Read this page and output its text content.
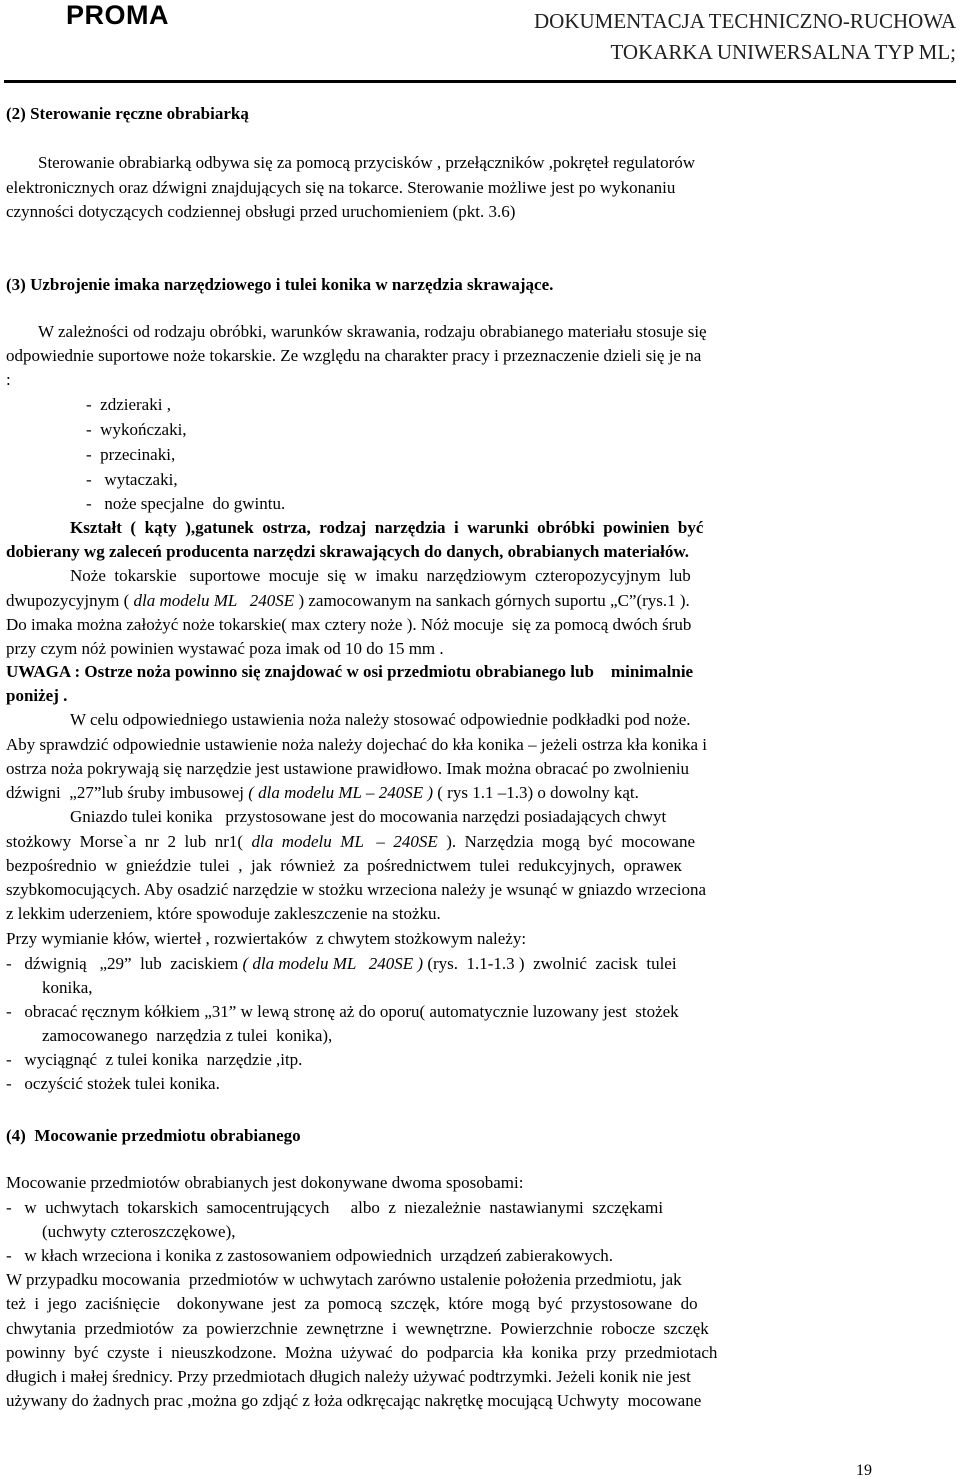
PROMA	DOKUMENTACJA TECHNICZNO-RUCHOWA
TOKARKA UNIWERSALNA TYP ML;
(2) Sterowanie ręczne obrabiarką
Sterowanie obrabiarką odbywa się za pomocą przycisków , przełączników ,pokręteł regulatorów
elektronicznych oraz dźwigni znajdujących się na tokarce. Sterowanie możliwe jest po wykonaniu
czynności dotyczących codziennej obsługi przed uruchomieniem (pkt. 3.6)
(3) Uzbrojenie imaka narzędziowego i tulei konika w narzędzia skrawające.
W zależności od rodzaju obróbki, warunków skrawania, rodzaju obrabianego materiału stosuje się
odpowiednie suportowe noże tokarskie. Ze względu na charakter pracy i przeznaczenie dzieli się je na
:
-  zdzieraki ,
-  wykończaki,
-  przecinaki,
-   wytaczaki,
-   noże specjalne  do gwintu.
Kształt  (  kąty  ),gatunek  ostrza,  rodzaj  narzędzia  i  warunki  obróbki  powinien  być
dobierany wg zaleceń producenta narzędzi skrawających do danych, obrabianych materiałów.
Noże  tokarskie   suportowe  mocuje  się  w  imaku  narzędziowym  czteropozycyjnym  lub
dwupozycyjnym ( dla modelu ML   240SE ) zamocowanym na sankach górnych suportu „C”(rys.1 ).
Do imaka można założyć noże tokarskie( max cztery noże ). Nóż mocuje  się za pomocą dwóch śrub
przy czym nóż powinien wystawać poza imak od 10 do 15 mm .
UWAGA : Ostrze noża powinno się znajdować w osi przedmiotu obrabianego lub    minimalnie
poniżej .
W celu odpowiedniego ustawienia noża należy stosować odpowiednie podkładki pod noże.
Aby sprawdzić odpowiednie ustawienie noża należy dojechać do kła konika – jeżeli ostrza kła konika i
ostrza noża pokrywają się narzędzie jest ustawione prawidłowo. Imak można obracać po zwolnieniu
dźwigni  „27”lub śruby imbusowej ( dla modelu ML – 240SE ) ( rys 1.1 –1.3) o dowolny kąt.
Gniazdo tulei konika   przystosowane jest do mocowania narzędzi posiadających chwyt
stożkowy  Morse`a  nr  2  lub  nr1(  dla  modelu  ML   –  240SE  ).  Narzędzia  mogą  być  mocowane
bezpośrednio  w  gnieździe  tulei  ,  jak  również  za  pośrednictwem  tulei  redukcyjnych,  opraweк
szybkomocujących. Aby osadzić narzędzie w stożku wrzeciona należy je wsunąć w gniazdo wrzeciona
z lekkim uderzeniem, które spowoduje zakleszczenie na stożku.
Przy wymianie kłów, wierteł , rozwiertaków  z chwytem stożkowym należy:
-   dźwignią   „29”  lub  zaciskiem ( dla modelu ML   240SE ) (rys.  1.1-1.3 )  zwolnić  zacisk  tulei
konika,
-   obracać ręcznym kółkiem „31” w lewą stronę aż do oporu( automatycznie luzowany jest  stożek
zamocowanego  narzędzia z tulei  konika),
-   wyciągnąć  z tulei konika  narzędzie ,itp.
-   oczyścić stożek tulei konika.
(4)  Mocowanie przedmiotu obrabianego
Mocowanie przedmiotów obrabianych jest dokonywane dwoma sposobami:
-   w  uchwytach  tokarskich  samocentrujących     albo  z  niezależnie  nastawianymi  szczękami
(uchwyty czteroszczękowe),
-   w kłach wrzeciona i konika z zastosowaniem odpowiednich  urządzeń zabierakowych.
W przypadku mocowania  przedmiotów w uchwytach zarówno ustalenie położenia przedmiotu, jak
też  i  jego  zaciśnięcie    dokonywane  jest  za  pomocą  szczęk,  które  mogą  być  przystosowane  do
chwytania  przedmiotów  za  powierzchnie  zewnętrzne  i  wewnętrzne.  Powierzchnie  robocze  szczęk
powinny  być  czyste  i  nieuszkodzone.  Można  używać  do  podparcia  kła  konika  przy  przedmiotach
długich i małej średnicy. Przy przedmiotach długich należy używać podtrzymki. Jeżeli konik nie jest
używany do żadnych prac ,można go zdjąć z łoża odkręcając nakrętkę mocującą Uchwyty  mocowane
19
